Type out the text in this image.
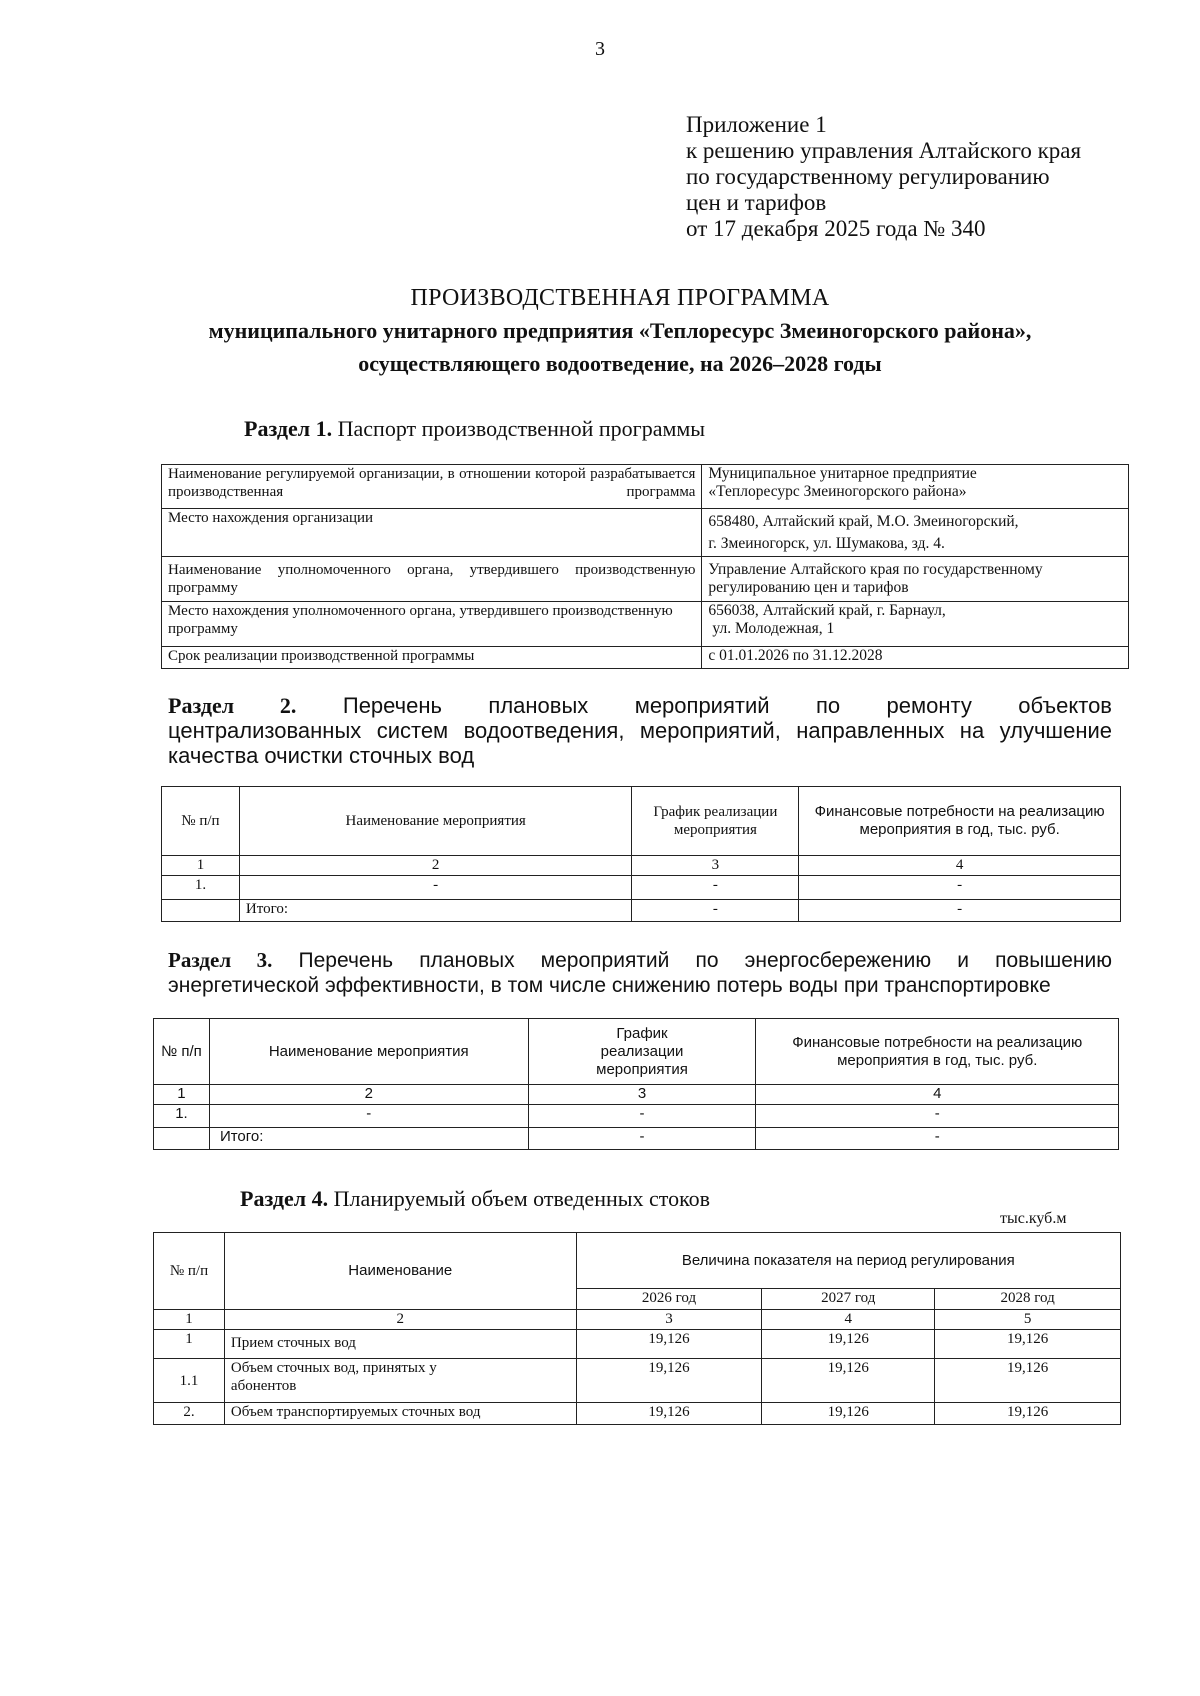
3
Приложение 1
к решению управления Алтайского края
по государственному регулированию
цен и тарифов
от 17 декабря 2025 года № 340
ПРОИЗВОДСТВЕННАЯ ПРОГРАММА
муниципального унитарного предприятия «Теплоресурс Змеиногорского района»,
осуществляющего водоотведение, на 2026–2028 годы
Раздел 1. Паспорт производственной программы
Наименование регулируемой организации, в отношении которой разрабатывается производственная программа	Муниципальное унитарное предприятие
«Теплоресурс Змеиногорского района»

Место нахождения организации	658480, Алтайский край, М.О. Змеиногорский,
г. Змеиногорск, ул. Шумакова, зд. 4.

Наименование уполномоченного органа, утвердившего производственную программу	Управление Алтайского края по государственному
регулированию цен и тарифов

Место нахождения уполномоченного органа, утвердившего производственную программу	656038, Алтайский край, г. Барнаул,
ул. Молодежная, 1

Срок реализации производственной программы	с 01.01.2026 по 31.12.2028
Раздел 2. Перечень плановых мероприятий по ремонту объектов
централизованных систем водоотведения, мероприятий, направленных на улучшение
качества очистки сточных вод
№ п/п	Наименование мероприятия	График реализации мероприятия	Финансовые потребности на реализацию мероприятия в год, тыс. руб.
1	2	3	4
1.	-	-	-
	Итого:	-	-
Раздел 3. Перечень плановых мероприятий по энергосбережению и повышению
энергетической эффективности, в том числе снижению потерь воды при транспортировке
№ п/п	Наименование мероприятия	График реализации мероприятия	Финансовые потребности на реализацию мероприятия в год, тыс. руб.
1	2	3	4
1.	-	-	-
	Итого:	-	-
Раздел 4. Планируемый объем отведенных стоков
тыс.куб.м
№ п/п	Наименование	Величина показателя на период регулирования		
		2026 год	2027 год	2028 год
1	2	3	4	5
1	Прием сточных вод	19,126	19,126	19,126
1.1	Объем сточных вод, принятых у абонентов	19,126	19,126	19,126
2.	Объем транспортируемых сточных вод	19,126	19,126	19,126
